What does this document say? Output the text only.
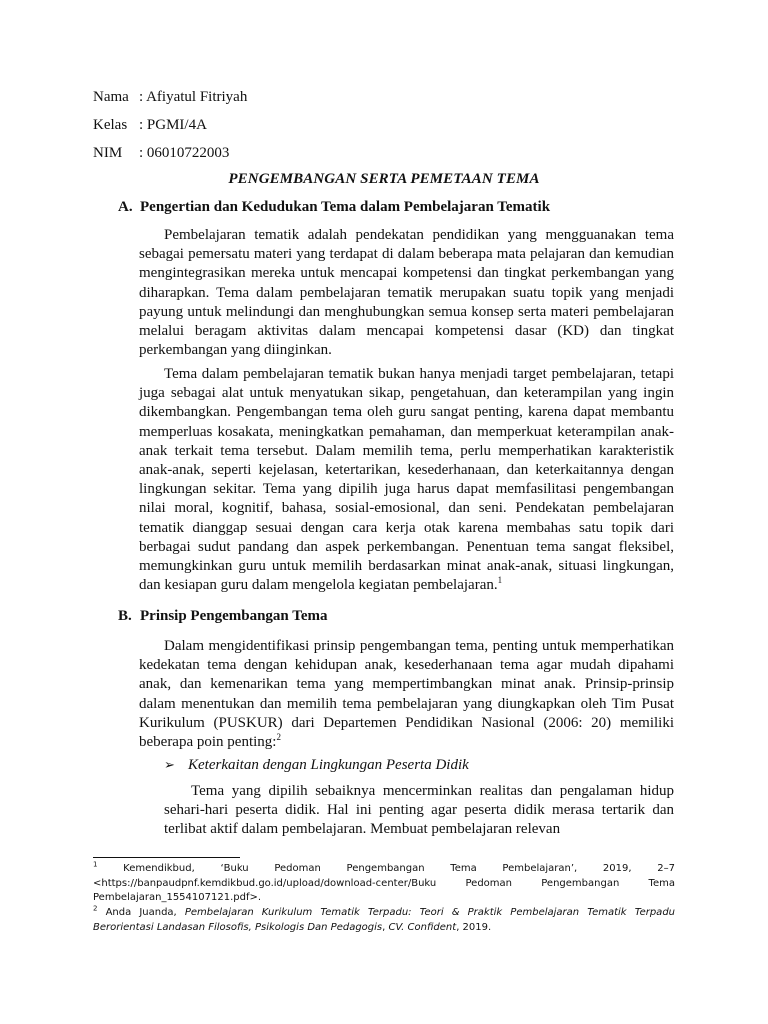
Nama : Afiyatul Fitriyah
Kelas : PGMI/4A
NIM : 06010722003
PENGEMBANGAN SERTA PEMETAAN TEMA
A. Pengertian dan Kedudukan Tema dalam Pembelajaran Tematik

Pembelajaran tematik adalah pendekatan pendidikan yang mengguanakan tema sebagai pemersatu materi yang terdapat di dalam beberapa mata pelajaran dan kemudian mengintegrasikan mereka untuk mencapai kompetensi dan tingkat perkembangan yang diharapkan. Tema dalam pembelajaran tematik merupakan suatu topik yang menjadi payung untuk melindungi dan menghubungkan semua konsep serta materi pembelajaran melalui beragam aktivitas dalam mencapai kompetensi dasar (KD) dan tingkat perkembangan yang diinginkan.

Tema dalam pembelajaran tematik bukan hanya menjadi target pembelajaran, tetapi juga sebagai alat untuk menyatukan sikap, pengetahuan, dan keterampilan yang ingin dikembangkan. Pengembangan tema oleh guru sangat penting, karena dapat membantu memperluas kosakata, meningkatkan pemahaman, dan memperkuat keterampilan anak-anak terkait tema tersebut. Dalam memilih tema, perlu memperhatikan karakteristik anak-anak, seperti kejelasan, ketertarikan, kesederhanaan, dan keterkaitannya dengan lingkungan sekitar. Tema yang dipilih juga harus dapat memfasilitasi pengembangan nilai moral, kognitif, bahasa, sosial-emosional, dan seni. Pendekatan pembelajaran tematik dianggap sesuai dengan cara kerja otak karena membahas satu topik dari berbagai sudut pandang dan aspek perkembangan. Penentuan tema sangat fleksibel, memungkinkan guru untuk memilih berdasarkan minat anak-anak, situasi lingkungan, dan kesiapan guru dalam mengelola kegiatan pembelajaran.$^1$

B. Prinsip Pengembangan Tema

Dalam mengidentifikasi prinsip pengembangan tema, penting untuk memperhatikan kedekatan tema dengan kehidupan anak, kesederhanaan tema agar mudah dipahami anak, dan kemenarikan tema yang mempertimbangkan minat anak. Prinsip-prinsip dalam menentukan dan memilih tema pembelajaran yang diungkapkan oleh Tim Pusat Kurikulum (PUSKUR) dari Departemen Pendidikan Nasional (2006: 20) memiliki beberapa poin penting:$^2$

➢ Keterkaitan dengan Lingkungan Peserta Didik

Tema yang dipilih sebaiknya mencerminkan realitas dan pengalaman hidup sehari-hari peserta didik. Hal ini penting agar peserta didik merasa tertarik dan terlibat aktif dalam pembelajaran. Membuat pembelajaran relevan

$^1$	Kemendikbud, ‘Buku Pedoman Pengembangan Tema Pembelajaran’, 2019, 2–7 <https://banpaudpnf.kemdikbud.go.id/upload/download-center/Buku Pedoman Pengembangan Tema Pembelajaran_1554107121.pdf>.

$^2$ Anda Juanda, Pembelajaran Kurikulum Tematik Terpadu: Teori & Praktik Pembelajaran Tematik Terpadu Berorientasi Landasan Filosofis, Psikologis Dan Pedagogis, CV. Confident, 2019.
